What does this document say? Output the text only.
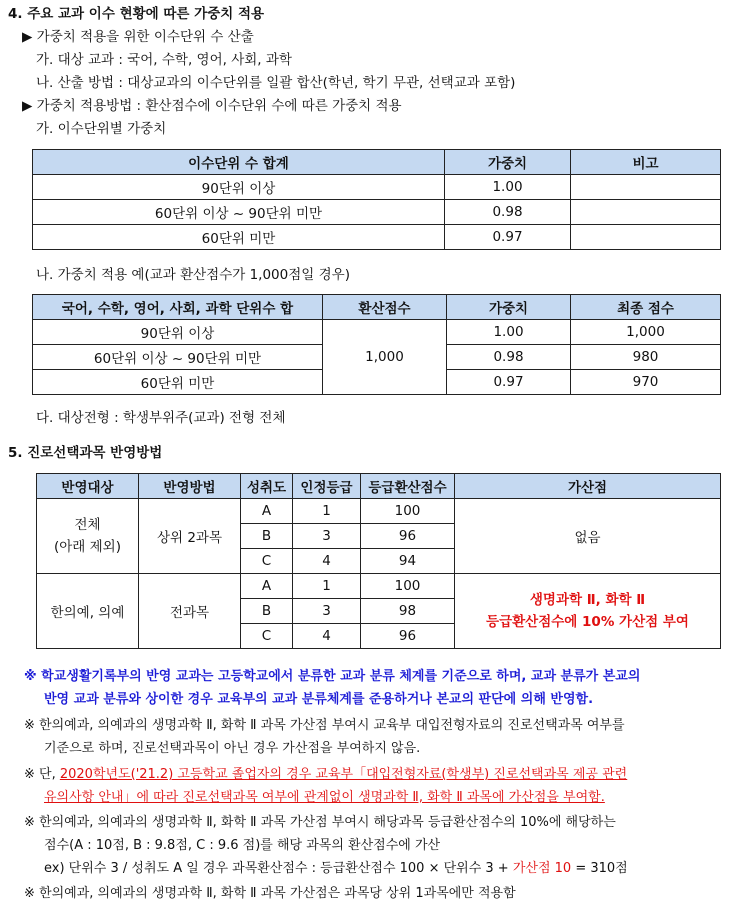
4. 주요 교과 이수 현황에 따른 가중치 적용
▶ 가중치 적용을 위한 이수단위 수 산출
가. 대상 교과 : 국어, 수학, 영어, 사회, 과학
나. 산출 방법 : 대상교과의 이수단위를 일괄 합산(학년, 학기 무관, 선택교과 포함)
▶ 가중치 적용방법 : 환산점수에 이수단위 수에 따른 가중치 적용
가. 이수단위별 가중치
이수단위 수 합계	가중치	비고
90단위 이상	1.00	
60단위 이상 ~ 90단위 미만	0.98	
60단위 미만	0.97	
나. 가중치 적용 예(교과 환산점수가 1,000점일 경우)
국어, 수학, 영어, 사회, 과학 단위수 합	환산점수	가중치	최종 점수
90단위 이상	1,000	1.00	1,000
60단위 이상 ~ 90단위 미만		0.98	980
60단위 미만		0.97	970
다. 대상전형 : 학생부위주(교과) 전형 전체
5. 진로선택과목 반영방법
반영대상	반영방법	성취도	인정등급	등급환산점수	가산점

전체
(아래 제외)	상위 2과목	A	1	100	없음
		B	3	96	
		C	4	94	
한의예, 의예	전과목	A	1	100	생명과학 Ⅱ, 화학 Ⅱ
등급환산점수에 10% 가산점 부여

		B	3	98	
		C	4	96	
※ 학교생활기록부의 반영 교과는 고등학교에서 분류한 교과 분류 체계를 기준으로 하며, 교과 분류가 본교의
반영 교과 분류와 상이한 경우 교육부의 교과 분류체계를 준용하거나 본교의 판단에 의해 반영함.
※ 한의예과, 의예과의 생명과학 Ⅱ, 화학 Ⅱ 과목 가산점 부여시 교육부 대입전형자료의 진로선택과목 여부를
기준으로 하며, 진로선택과목이 아닌 경우 가산점을 부여하지 않음.
※ 단, 2020학년도('21.2) 고등학교 졸업자의 경우 교육부「대입전형자료(학생부) 진로선택과목 제공 관련
유의사항 안내」에 따라 진로선택과목 여부에 관계없이 생명과학 Ⅱ, 화학 Ⅱ 과목에 가산점을 부여함.
※ 한의예과, 의예과의 생명과학 Ⅱ, 화학 Ⅱ 과목 가산점 부여시 해당과목 등급환산점수의 10%에 해당하는
점수(A : 10점, B : 9.8점, C : 9.6 점)를 해당 과목의 환산점수에 가산
ex) 단위수 3 / 성취도 A 일 경우 과목환산점수 : 등급환산점수 100 × 단위수 3 + 가산점 10 = 310점
※ 한의예과, 의예과의 생명과학 Ⅱ, 화학 Ⅱ 과목 가산점은 과목당 상위 1과목에만 적용함
